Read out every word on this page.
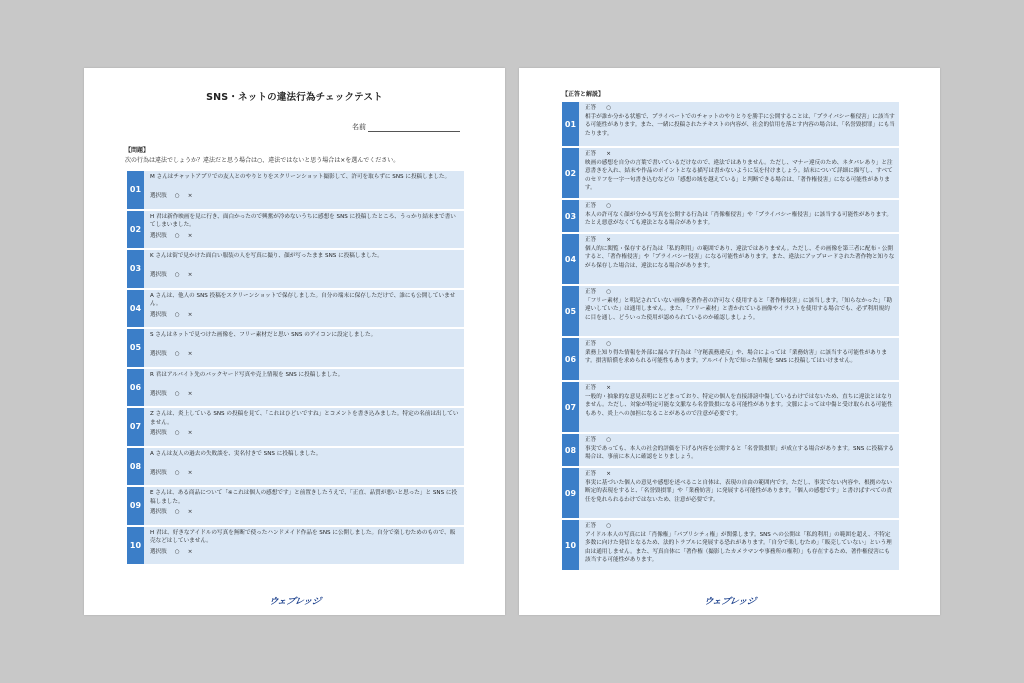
SNS・ネットの違法行為チェックテスト
名前
【問題】
次の行為は違法でしょうか？違法だと思う場合は○、違法ではないと思う場合は×を選んでください。
01
M さんはチャットアプリでの友人とのやりとりをスクリーンショット撮影して、許可を取らずに SNS に投稿しました。
選択肢 ○ ×
02
H 君は新作映画を見に行き、面白かったので興奮が冷めないうちに感想を SNS に投稿したところ、うっかり結末まで書いてしまいました。
選択肢 ○ ×
03
K さんは街で見かけた面白い服装の人を写真に撮り、顔が写ったまま SNS に投稿しました。
選択肢 ○ ×
04
A さんは、他人の SNS 投稿をスクリーンショットで保存しました。自分の端末に保存しただけで、誰にも公開していません。
選択肢 ○ ×
05
S さんはネットで見つけた画像を、フリー素材だと思い SNS のアイコンに設定しました。
選択肢 ○ ×
06
R 君はアルバイト先のバックヤード写真や売上情報を SNS に投稿しました。
選択肢 ○ ×
07
Z さんは、炎上している SNS の投稿を見て、「これはひどいですね」とコメントを書き込みました。特定の名前は出していません。
選択肢 ○ ×
08
A さんは友人の過去の失敗談を、実名付きで SNS に投稿しました。
選択肢 ○ ×
09
E さんは、ある商品について「※これは個人の感想です」と前置きしたうえで、「正直、品質が悪いと思った」と SNS に投稿しました。
選択肢 ○ ×
10
H 君は、好きなアイドルの写真を無断で使ったハンドメイド作品を SNS に公開しました。自分で楽しむためのもので、販売などはしていません。
選択肢 ○ ×
ウェブレッジ
【正答と解説】
01
正答 ○
相手が誰か分かる状態で、プライベートでのチャットのやりとりを勝手に公開することは、「プライバシー権侵害」に該当する可能性があります。また、一緒に投稿されたテキストの内容が、社会的信用を落とす内容の場合は、「名誉毀損罪」にも当たります。
02
正答 ×
映画の感想を自分の言葉で書いているだけなので、違法ではありません。ただし、マナー違反のため、ネタバレあり」と注意書きを入れ、結末や作品のポイントとなる描写は書かないように気を付けましょう。結末について詳細に描写し、すべてのセリフを一字一句書き込むなどの「感想の域を越えている」と判断できる場合は、「著作権侵害」になる可能性があります。
03
正答 ○
本人の許可なく顔が分かる写真を公開する行為は「肖像権侵害」や「プライバシー権侵害」に該当する可能性があります。たとえ悪意がなくても違法となる場合があります。
04
正答 ×
個人的に閲覧・保存する行為は「私的利用」の範囲であり、違法ではありません。ただし、その画像を第三者に配布・公開すると、「著作権侵害」や「プライバシー侵害」になる可能性があります。また、違法にアップロードされた著作物と知りながら保存した場合は、違法になる場合があります。
05
正答 ○
「フリー素材」と明記されていない画像を著作者の許可なく使用すると「著作権侵害」に該当します。「知らなかった」「勘違いしていた」は通用しません。また、「フリー素材」と書かれている画像やイラストを使用する場合でも、必ず利用規約に目を通し、どういった使用が認められているのか確認しましょう。
06
正答 ○
業務上知り得た情報を外部に漏らす行為は「守秘義務違反」や、場合によっては「業務妨害」に該当する可能性があります。損害賠償を求められる可能性もあります。アルバイト先で知った情報を SNS に投稿してはいけません。
07
正答 ×
一般的・抽象的な意見表明にとどまっており、特定の個人を直接誹謗中傷しているわけではないため、直ちに違法とはなりません。ただし、対象が特定可能な文脈なら名誉毀損になる可能性があります。文脈によっては中傷と受け取られる可能性もあり、炎上への加担になることがあるので注意が必要です。
08
正答 ○
事実であっても、本人の社会的評価を下げる内容を公開すると「名誉毀損罪」が成立する場合があります。SNS に投稿する場合は、事前に本人に確認をとりましょう。
09
正答 ×
事実に基づいた個人の意見や感想を述べること自体は、表現の自由の範囲内です。ただし、事実でない内容や、根拠のない断定的表現をすると、「名誉毀損罪」や「業務妨害」に発展する可能性があります。「個人の感想です」と書けばすべての責任を免れられるわけではないため、注意が必要です。
10
正答 ○
アイドル本人の写真には「肖像権」「パブリシティ権」が関係します。SNS への公開は「私的利用」の範囲を超え、不特定多数に向けた発信となるため、法的トラブルに発展する恐れがあります。「自分で楽しむため」「販売していない」という理由は通用しません。また、写真自体に「著作権（撮影したカメラマンや事務所の権利）」も存在するため、著作権侵害にも該当する可能性があります。
ウェブレッジ
